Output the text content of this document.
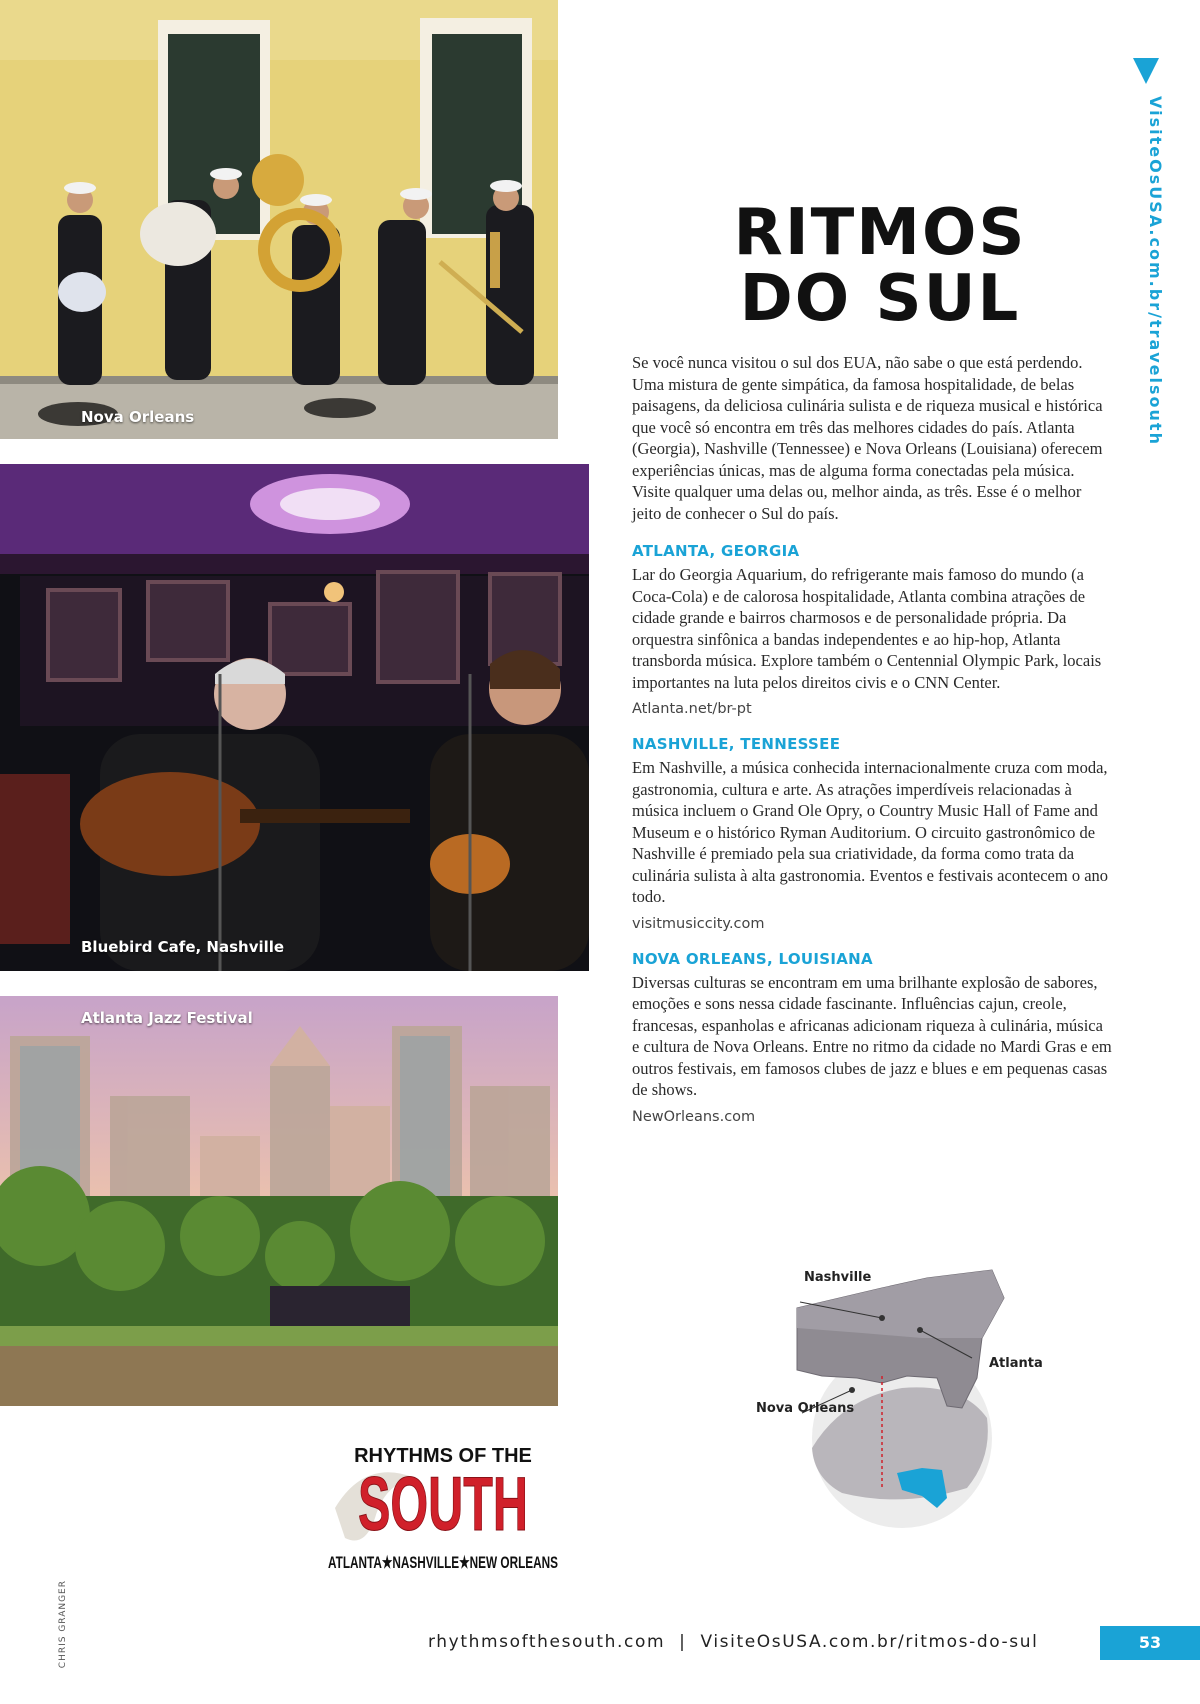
Nova Orleans
Bluebird Cafe, Nashville
Atlanta Jazz Festival
RITMOS
DO SUL	VisiteOsUSA.com.br/travelsouth

Se você nunca visitou o sul dos EUA, não sabe o que está perdendo. Uma mistura de gente simpática, da famosa hospitalidade, de belas paisagens, da deliciosa culinária sulista e de riqueza musical e histórica que você só encontra em três das melhores cidades do país. Atlanta (Georgia), Nashville (Tennessee) e Nova Orleans (Louisiana) oferecem experiências únicas, mas de alguma forma conectadas pela música. Visite qualquer uma delas ou, melhor ainda, as três. Esse é o melhor jeito de conhecer o Sul do país.

ATLANTA, GEORGIA

Lar do Georgia Aquarium, do refrigerante mais famoso do mundo (a Coca-Cola) e de calorosa hospitalidade, Atlanta combina atrações de cidade grande e bairros charmosos e de personalidade própria. Da orquestra sinfônica a bandas independentes e ao hip-hop, Atlanta transborda música. Explore também o Centennial Olympic Park, locais importantes na luta pelos direitos civis e o CNN Center.

Atlanta.net/br-pt
NASHVILLE, TENNESSEE

Em Nashville, a música conhecida internacionalmente cruza com moda, gastronomia, cultura e arte. As atrações imperdíveis relacionadas à música incluem o Grand Ole Opry, o Country Music Hall of Fame and Museum e o histórico Ryman Auditorium. O circuito gastronômico de Nashville é premiado pela sua criatividade, da forma como trata da culinária sulista à alta gastronomia. Eventos e festivais acontecem o ano todo.

visitmusiccity.com
NOVA ORLEANS, LOUISIANA

Diversas culturas se encontram em uma brilhante explosão de sabores, emoções e sons nessa cidade fascinante. Influências cajun, creole, francesas, espanholas e africanas adicionam riqueza à culinária, música e cultura de Nova Orleans. Entre no ritmo da cidade no Mardi Gras e em outros festivais, em famosos clubes de jazz e blues e em pequenas casas de shows.

NewOrleans.com
Nashville
Atlanta
Nova Orleans
RHYTHMS OF THE
SOUTH
ATLANTA★NASHVILLE★NEW ORLEANS
CHRIS GRANGER	rhythmsofthesouth.com  |  VisiteOsUSA.com.br/ritmos-do-sul	53
